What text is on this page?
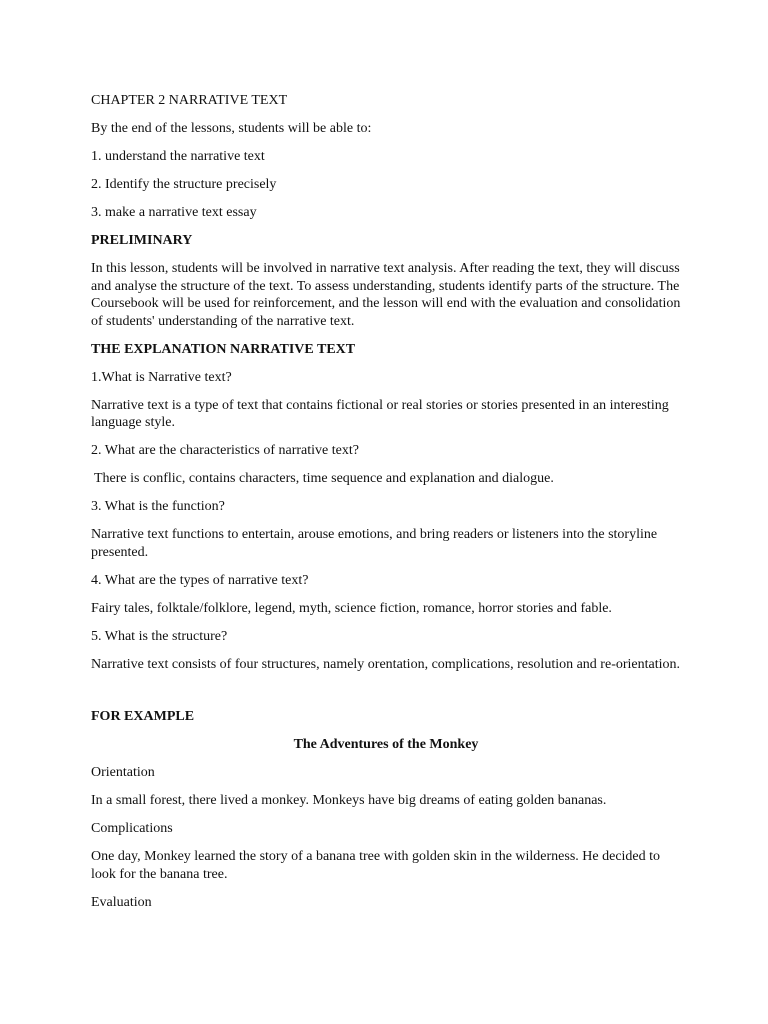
CHAPTER 2 NARRATIVE TEXT

By the end of the lessons, students will be able to:

1. understand the narrative text

2. Identify the structure precisely

3. make a narrative text essay

PRELIMINARY

In this lesson, students will be involved in narrative text analysis. After reading the text, they will discuss and analyse the structure of the text. To assess understanding, students identify parts of the structure. The Coursebook will be used for reinforcement, and the lesson will end with the evaluation and consolidation of students' understanding of the narrative text.

THE EXPLANATION NARRATIVE TEXT

1.What is Narrative text?

Narrative text is a type of text that contains fictional or real stories or stories presented in an interesting language style.

2. What are the characteristics of narrative text?

There is conflic, contains characters, time sequence and explanation and dialogue.

3. What is the function?

Narrative text functions to entertain, arouse emotions, and bring readers or listeners into the storyline presented.

4. What are the types of narrative text?

Fairy tales, folktale/folklore, legend, myth, science fiction, romance, horror stories and fable.

5. What is the structure?

Narrative text consists of four structures, namely orentation, complications, resolution and re-orientation.

FOR EXAMPLE

The Adventures of the Monkey

Orientation

In a small forest, there lived a monkey. Monkeys have big dreams of eating golden bananas.

Complications

One day, Monkey learned the story of a banana tree with golden skin in the wilderness. He decided to look for the banana tree.

Evaluation
